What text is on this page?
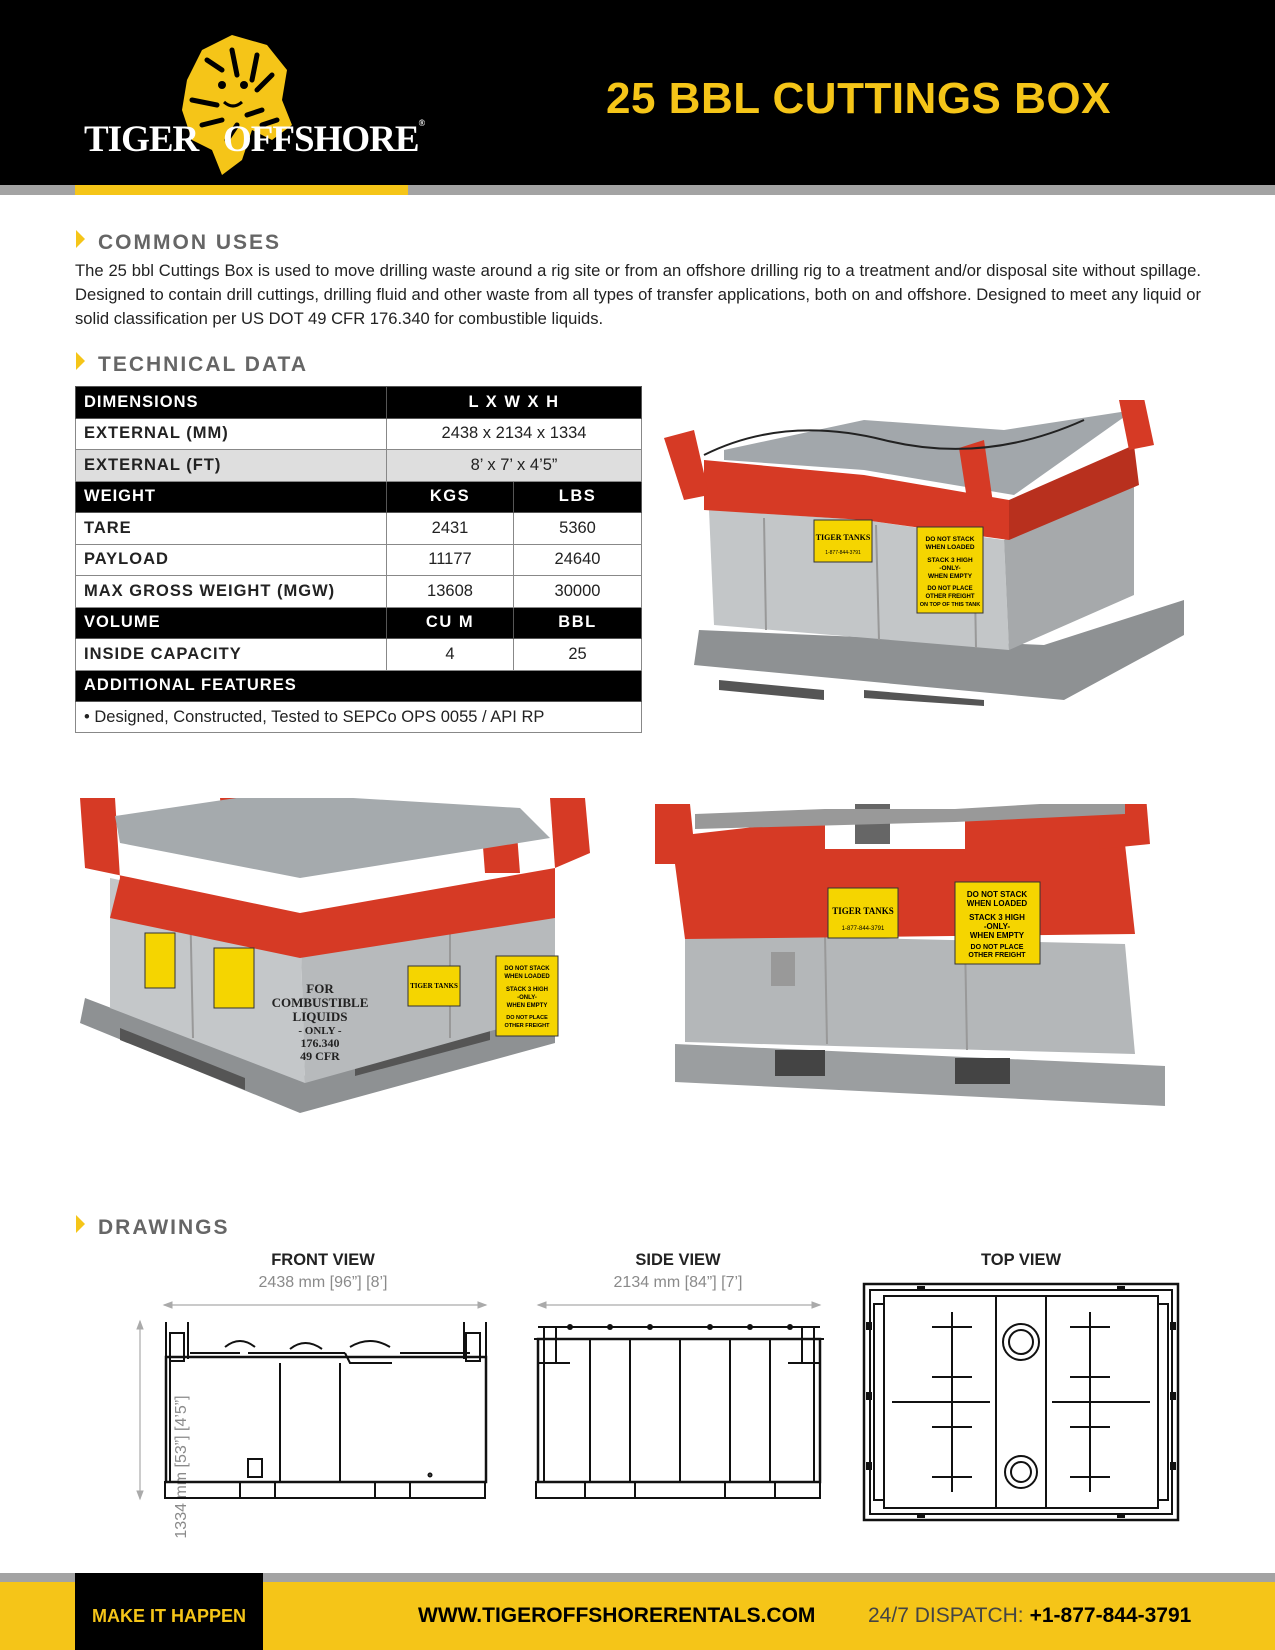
TIGER OFFSHORE®	25 BBL CUTTINGS BOX
COMMON USES
The 25 bbl Cuttings Box is used to move drilling waste around a rig site or from an offshore drilling rig to a treatment and/or disposal site without spillage. Designed to contain drill cuttings, drilling fluid and other waste from all types of transfer applications, both on and offshore. Designed to meet any liquid or solid classification per US DOT 49 CFR 176.340 for combustible liquids.
TECHNICAL DATA
DIMENSIONS	L X W X H	
EXTERNAL (MM)	2438 x 2134 x 1334	
EXTERNAL (FT)	8’ x 7’ x 4’5”	
WEIGHT	KGS	LBS
TARE	2431	5360
PAYLOAD	11177	24640
MAX GROSS WEIGHT (MGW)	13608	30000
VOLUME	CU M	BBL
INSIDE CAPACITY	4	25
ADDITIONAL FEATURES		
• Designed, Constructed, Tested to SEPCo OPS 0055 / API RP		
TIGER TANKS
1-877-844-3791
DO NOT STACK
WHEN LOADED
STACK 3 HIGH
-ONLY-
WHEN EMPTY
DO NOT PLACE
OTHER FREIGHT
ON TOP OF THIS TANK
FOR
COMBUSTIBLE
LIQUIDS
- ONLY -
176.340
49 CFR
TIGER TANKS
DO NOT STACK
WHEN LOADED
STACK 3 HIGH
-ONLY-
WHEN EMPTY
DO NOT PLACE
OTHER FREIGHT
TIGER TANKS
1-877-844-3791
DO NOT STACK
WHEN LOADED
STACK 3 HIGH
-ONLY-
WHEN EMPTY
DO NOT PLACE
OTHER FREIGHT
DRAWINGS
FRONT VIEW
2438 mm [96”] [8’]
SIDE VIEW
2134 mm [84”] [7’]
TOP VIEW
1334 mm [53”] [4’5”]
MAKE IT HAPPEN	WWW.TIGEROFFSHORERENTALS.COM	24/7 DISPATCH: +1-877-844-3791
